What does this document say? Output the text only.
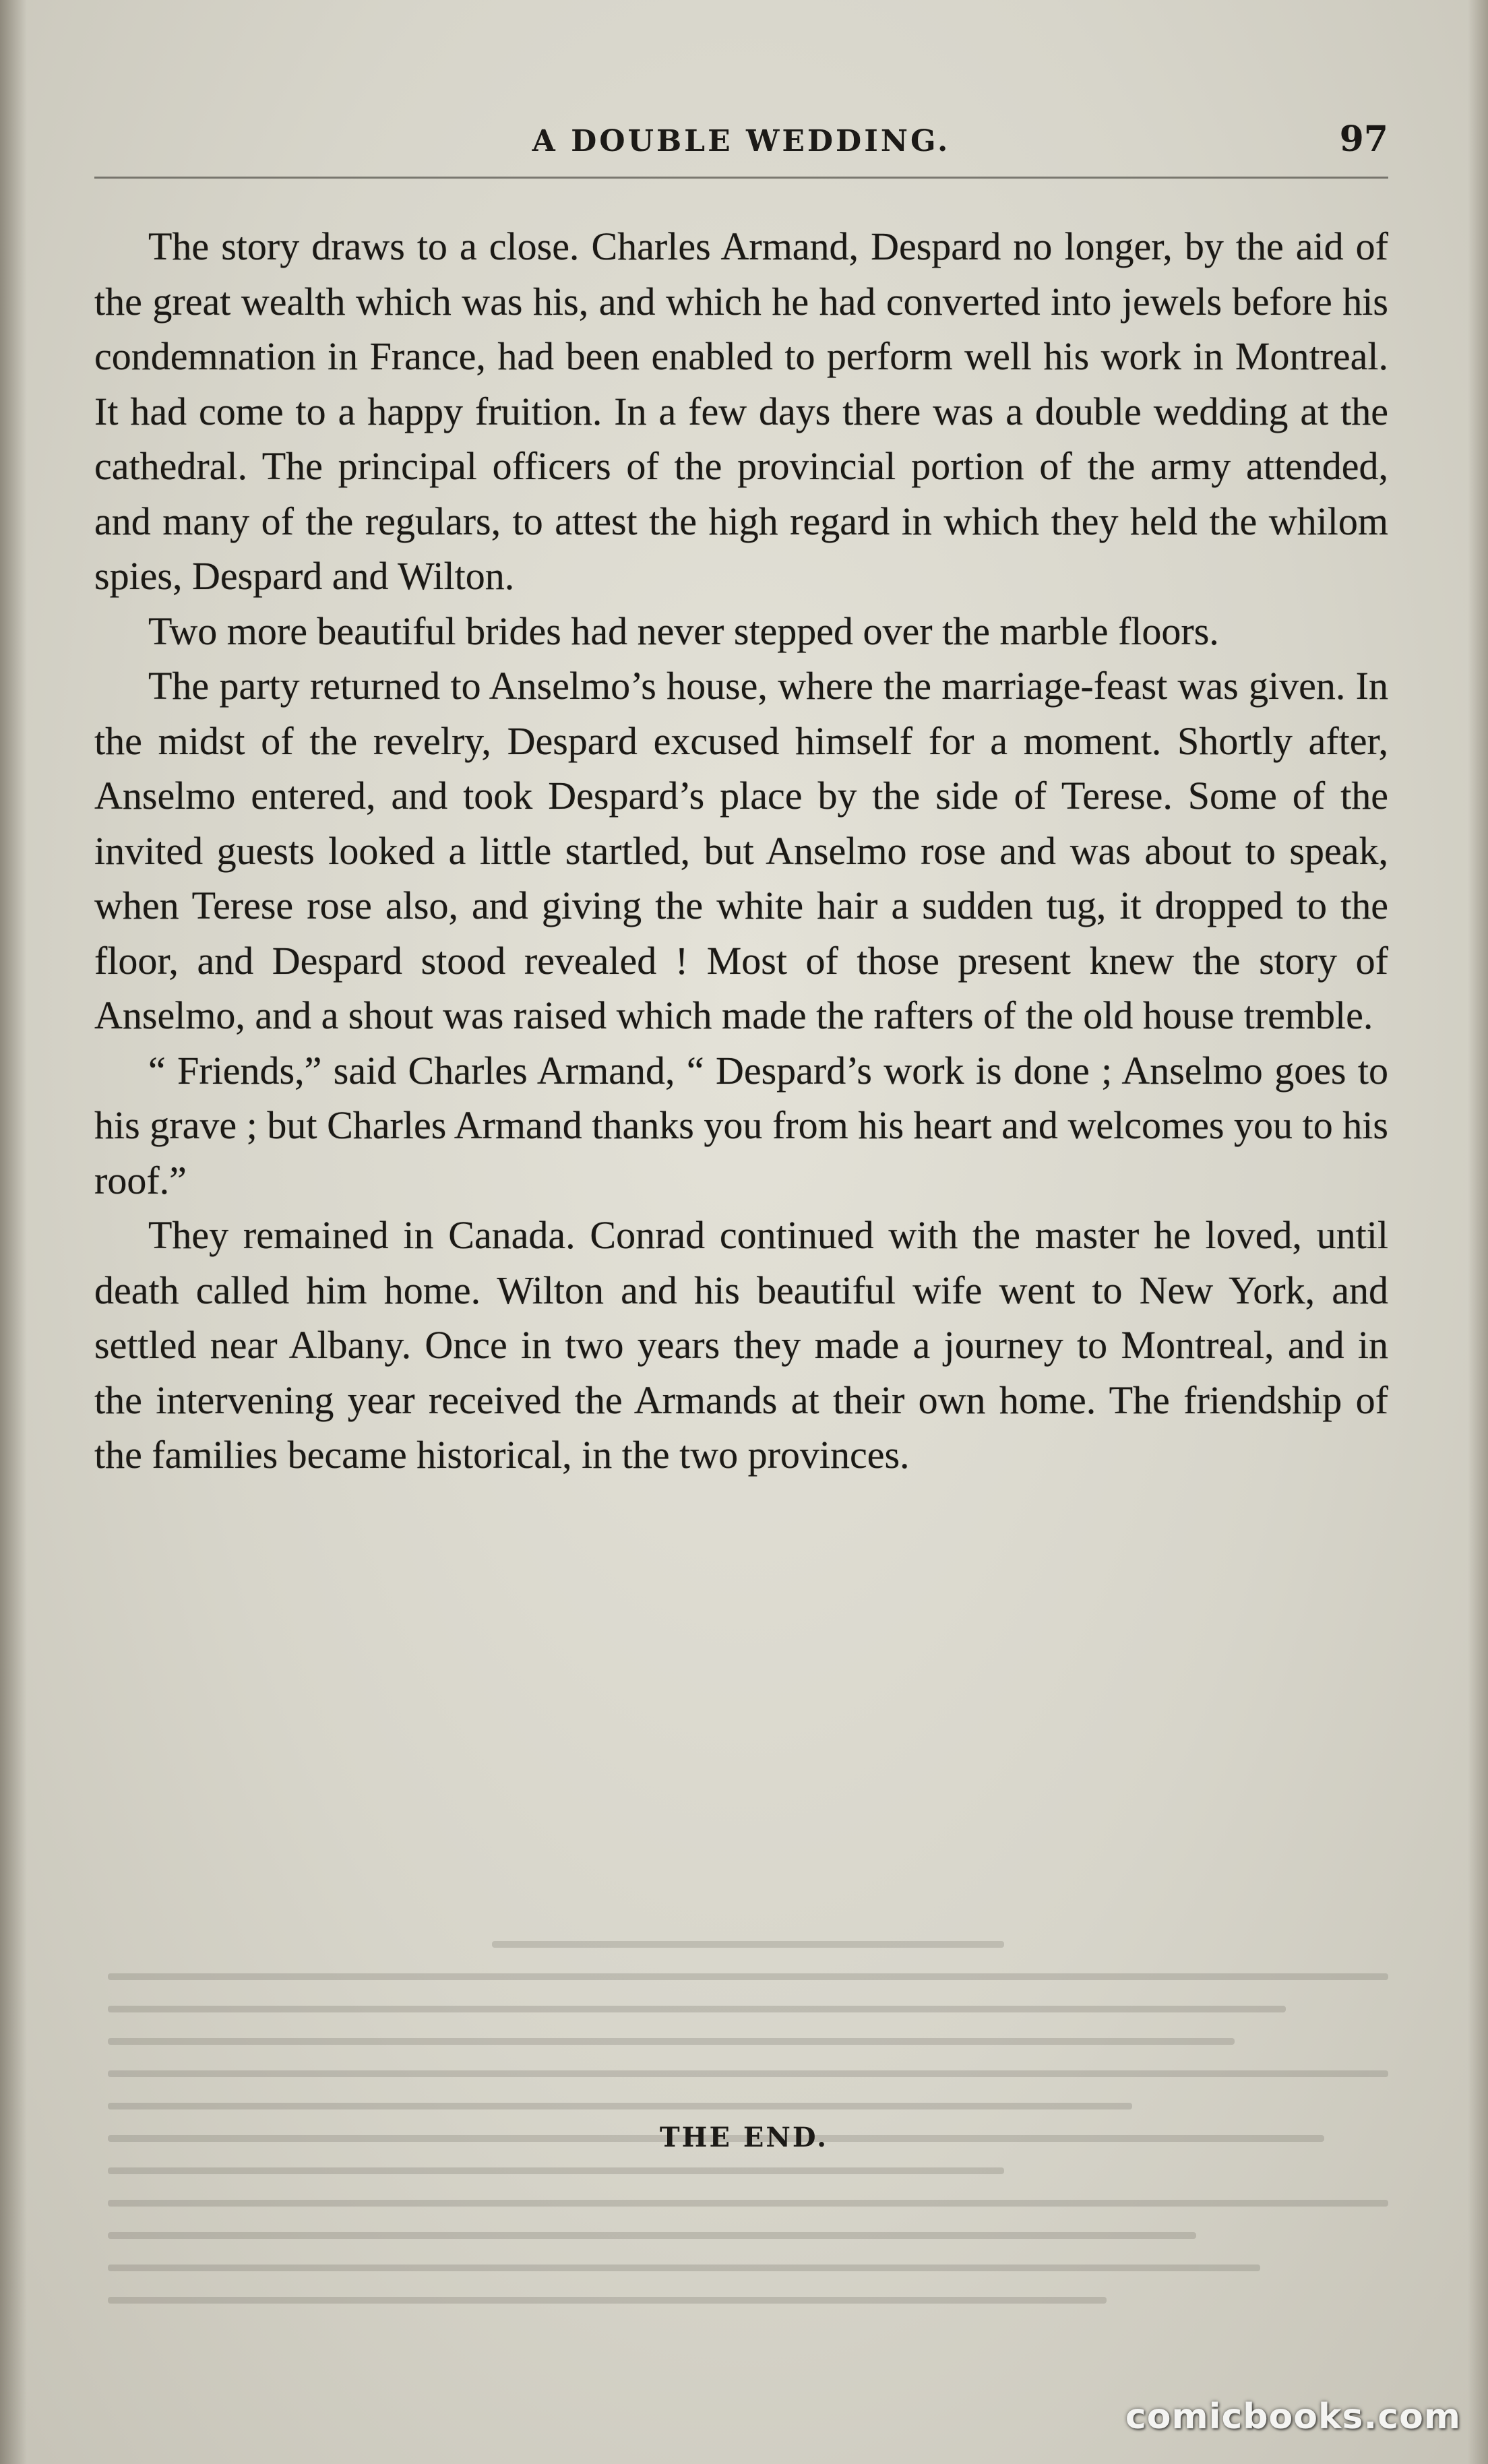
A DOUBLE WEDDING.	97

The story draws to a close. Charles Armand, Despard no longer, by the aid of the great wealth which was his, and which he had converted into jewels before his condemnation in France, had been enabled to perform well his work in Montreal. It had come to a happy fruition. In a few days there was a double wedding at the cathedral. The principal officers of the provincial portion of the army attended, and many of the regulars, to attest the high regard in which they held the whilom spies, Despard and Wilton.

Two more beautiful brides had never stepped over the marble floors.

The party returned to Anselmo’s house, where the marriage-feast was given. In the midst of the revelry, Despard excused himself for a moment. Shortly after, Anselmo entered, and took Despard’s place by the side of Terese. Some of the invited guests looked a little startled, but Anselmo rose and was about to speak, when Terese rose also, and giving the white hair a sudden tug, it dropped to the floor, and Despard stood revealed ! Most of those present knew the story of Anselmo, and a shout was raised which made the rafters of the old house tremble.

“ Friends,” said Charles Armand, “ Despard’s work is done ; Anselmo goes to his grave ; but Charles Armand thanks you from his heart and welcomes you to his roof.”

They remained in Canada. Conrad continued with the master he loved, until death called him home. Wilton and his beautiful wife went to New York, and settled near Albany. Once in two years they made a journey to Montreal, and in the intervening year received the Armands at their own home. The friendship of the families became historical, in the two provinces.

THE END.
comicbooks.com
